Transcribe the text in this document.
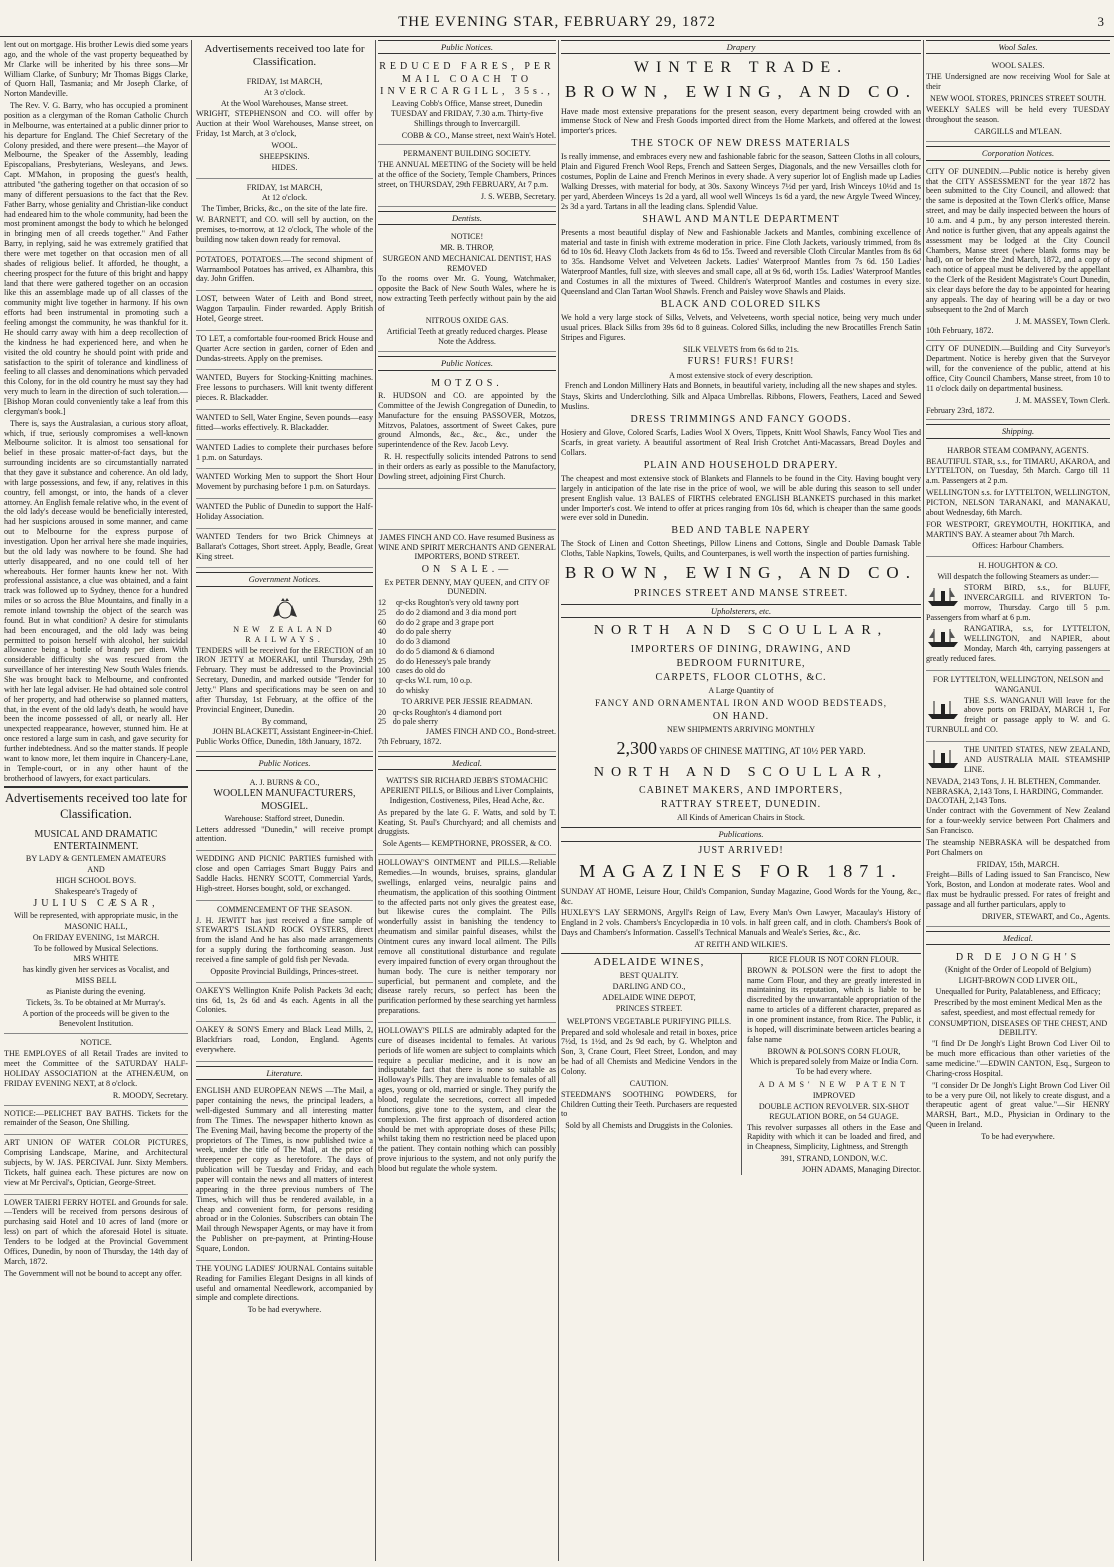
THE EVENING STAR, FEBRUARY 29, 1872	3

lent out on mortgage. His brother Lewis died some years ago, and the whole of the vast property bequeathed by Mr Clarke will be inherited by his three sons—Mr William Clarke, of Sunbury; Mr Thomas Biggs Clarke, of Quorn Hall, Tasmania; and Mr Joseph Clarke, of Norton Mandeville.

The Rev. V. G. Barry, who has occupied a prominent position as a clergyman of the Roman Catholic Church in Melbourne, was entertained at a public dinner prior to his departure for England. The Chief Secretary of the Colony presided, and there were present—the Mayor of Melbourne, the Speaker of the Assembly, leading Episcopalians, Presbyterians, Wesleyans, and Jews. Capt. M'Mahon, in proposing the guest's health, attributed "the gathering together on that occasion of so many of different persuasions to the fact that the Rev. Father Barry, whose geniality and Christian-like conduct had endeared him to the whole community, had been the most prominent amongst the body to which he belonged in bringing men of all creeds together." And Father Barry, in replying, said he was extremely gratified that there were met together on that occasion men of all shades of religious belief. It afforded, he thought, a cheering prospect for the future of this bright and happy land that there were gathered together on an occasion like this an assemblage made up of all classes of the community might live together in harmony. If his own efforts had been instrumental in promoting such a feeling amongst the community, he was thankful for it. He should carry away with him a deep recollection of the kindness he had experienced here, and when he visited the old country he should point with pride and satisfaction to the spirit of tolerance and kindliness of feeling to all classes and denominations which pervaded this Colony, for in the old country he must say they had very much to learn in the direction of such toleration.—[Bishop Moran could conveniently take a leaf from this clergyman's book.]

There is, says the Australasian, a curious story afloat, which, if true, seriously compromises a well-known Melbourne solicitor. It is almost too sensational for belief in these prosaic matter-of-fact days, but the surrounding incidents are so circumstantially narrated that they gave it substance and coherence. An old lady, with large possessions, and few, if any, relatives in this country, fell amongst, or into, the hands of a clever attorney. An English female relative who, in the event of the old lady's decease would be beneficially interested, had her suspicions aroused in some manner, and came out to Melbourne for the express purpose of investigation. Upon her arrival here she made inquiries, but the old lady was nowhere to be found. She had utterly disappeared, and no one could tell of her whereabouts. Her former haunts knew her not. With professional assistance, a clue was obtained, and a faint track was followed up to Sydney, thence for a hundred miles or so across the Blue Mountains, and finally in a remote inland township the object of the search was found. But in what condition? A desire for stimulants had been encouraged, and the old lady was being permitted to poison herself with alcohol, her suicidal allowance being a bottle of brandy per diem. With considerable difficulty she was rescued from the surveillance of her interesting New South Wales friends. She was brought back to Melbourne, and confronted with her late legal adviser. He had obtained sole control of her property, and had otherwise so planned matters, that, in the event of the old lady's death, he would have been the income possessed of all, or nearly all. Her unexpected reappearance, however, stunned him. He at once restored a large sum in cash, and gave security for further indebtedness. And so the matter stands. If people want to know more, let them inquire in Chancery-Lane, in Temple-court, or in any other haunt of the brotherhood of lawyers, for exact particulars.

Advertisements received too late for Classification.
MUSICAL AND DRAMATIC ENTERTAINMENT.
BY LADY & GENTLEMEN AMATEURS
AND
HIGH SCHOOL BOYS.
Shakespeare's Tragedy of
JULIUS CÆSAR,
Will be represented, with appropriate music, in the
MASONIC HALL,
On FRIDAY EVENING, 1st MARCH.
To be followed by Musical Selections.
MRS WHITE
has kindly given her services as Vocalist, and
MISS BELL
as Pianiste during the evening.
Tickets, 3s. To be obtained at Mr Murray's.
A portion of the proceeds will be given to the Benevolent Institution.
NOTICE.

THE EMPLOYES of all Retail Trades are invited to meet the Committee of the SATURDAY HALF-HOLIDAY ASSOCIATION at the ATHENÆUM, on FRIDAY EVENING NEXT, at 8 o'clock.

R. MOODY, Secretary.

NOTICE:—PELICHET BAY BATHS. Tickets for the remainder of the Season, One Shilling.

ART UNION OF WATER COLOR PICTURES, Comprising Landscape, Marine, and Architectural subjects, by W. JAS. PERCIVAL Junr. Sixty Members. Tickets, half guinea each. These pictures are now on view at Mr Percival's, Optician, George-Street.

LOWER TAIERI FERRY HOTEL and Grounds for sale.—Tenders will be received from persons desirous of purchasing said Hotel and 10 acres of land (more or less) on part of which the aforesaid Hotel is situate. Tenders to be lodged at the Provincial Government Offices, Dunedin, by noon of Thursday, the 14th day of March, 1872.

The Government will not be bound to accept any offer.

Advertisements received too late for Classification.
FRIDAY, 1st MARCH,
At 3 o'clock.
At the Wool Warehouses, Manse street.

WRIGHT, STEPHENSON and CO. will offer by Auction at their Wool Warehouses, Manse street, on Friday, 1st March, at 3 o'clock,

WOOL.
SHEEPSKINS.
HIDES.
FRIDAY, 1st MARCH,
At 12 o'clock.
The Timber, Bricks, &c., on the site of the late fire.

W. BARNETT, and CO. will sell by auction, on the premises, to-morrow, at 12 o'clock, The whole of the building now taken down ready for removal.

POTATOES, POTATOES.—The second shipment of Warrnambool Potatoes has arrived, ex Alhambra, this day. John Griffen.

LOST, between Water of Leith and Bond street, Waggon Tarpaulin. Finder rewarded. Apply British Hotel, George street.

TO LET, a comfortable four-roomed Brick House and Quarter Acre section in garden, corner of Eden and Dundas-streets. Apply on the premises.

WANTED, Buyers for Stocking-Knitting machines. Free lessons to purchasers. Will knit twenty different pieces. R. Blackadder.

WANTED to Sell, Water Engine, Seven pounds—easy fitted—works effectively. R. Blackadder.

WANTED Ladies to complete their purchases before 1 p.m. on Saturdays.

WANTED Working Men to support the Short Hour Movement by purchasing before 1 p.m. on Saturdays.

WANTED the Public of Dunedin to support the Half-Holiday Association.

WANTED Tenders for two Brick Chimneys at Ballarat's Cottages, Short street. Apply, Beadle, Great King street.

Government Notices.
NEW ZEALAND RAILWAYS.

TENDERS will be received for the ERECTION of an IRON JETTY at MOERAKI, until Thursday, 29th February. They must be addressed to the Provincial Secretary, Dunedin, and marked outside "Tender for Jetty." Plans and specifications may be seen on and after Thursday, 1st February, at the office of the Provincial Engineer, Dunedin.

By command,
JOHN BLACKETT, Assistant Engineer-in-Chief.
Public Works Office, Dunedin, 18th January, 1872.
Public Notices.
A. J. BURNS & CO.,
WOOLLEN MANUFACTURERS, MOSGIEL.
Warehouse: Stafford street, Dunedin.

Letters addressed "Dunedin," will receive prompt attention.

WEDDING AND PICNIC PARTIES furnished with close and open Carriages Smart Buggy Pairs and Saddle Hacks. HENRY SCOTT, Commercial Yards, High-street. Horses bought, sold, or exchanged.

COMMENCEMENT OF THE SEASON.

J. H. JEWITT has just received a fine sample of STEWART'S ISLAND ROCK OYSTERS, direct from the island And he has also made arrangements for a supply during the forthcoming season. Just received a fine sample of gold fish per Nevada.

Opposite Provincial Buildings, Princes-street.

OAKEY'S Wellington Knife Polish Packets 3d each; tins 6d, 1s, 2s 6d and 4s each. Agents in all the Colonies.

OAKEY & SON'S Emery and Black Lead Mills, 2, Blackfriars road, London, England. Agents everywhere.

Literature.

ENGLISH AND EUROPEAN NEWS —The Mail, a paper containing the news, the principal leaders, a well-digested Summary and all interesting matter from The Times. The newspaper hitherto known as The Evening Mail, having become the property of the proprietors of The Times, is now published twice a week, under the title of The Mail, at the price of threepence per copy as heretofore. The days of publication will be Tuesday and Friday, and each paper will contain the news and all matters of interest appearing in the three previous numbers of The Times, which will thus be rendered available, in a cheap and convenient form, for persons residing abroad or in the Colonies. Subscribers can obtain The Mail through Newspaper Agents, or may have it from the Publisher on pre-payment, at Printing-House Square, London.

THE YOUNG LADIES' JOURNAL Contains suitable Reading for Families Elegant Designs in all kinds of useful and ornamental Needlework, accompanied by simple and complete directions.

To be had everywhere.
Public Notices.
REDUCED FARES, PER MAIL COACH TO INVERCARGILL, 35s.,

Leaving Cobb's Office, Manse street, Dunedin TUESDAY and FRIDAY, 7.30 a.m. Thirty-five Shillings through to Invercargill.

COBB & CO., Manse street, next Wain's Hotel.
PERMANENT BUILDING SOCIETY.

THE ANNUAL MEETING of the Society will be held at the office of the Society, Temple Chambers, Princes street, on THURSDAY, 29th FEBRUARY, At 7 p.m.

J. S. WEBB, Secretary.
Dentists.
NOTICE!
MR. B. THROP,
SURGEON AND MECHANICAL DENTIST, HAS REMOVED

To the rooms over Mr. G. Young, Watchmaker, opposite the Back of New South Wales, where he is now extracting Teeth perfectly without pain by the aid of

NITROUS OXIDE GAS.
Artificial Teeth at greatly reduced charges. Please Note the Address.
Public Notices.
MOTZOS.

R. HUDSON and CO. are appointed by the Committee of the Jewish Congregation of Dunedin, to Manufacture for the ensuing PASSOVER, Motzos, Mitzvos, Palatoes, assortment of Sweet Cakes, pure ground Almonds, &c., &c., &c., under the superintendence of the Rev. Jacob Levy.

R. H. respectfully solicits intended Patrons to send in their orders as early as possible to the Manufactory, Dowling street, adjoining First Church.

JAMES FINCH AND CO. Have resumed Business as WINE AND SPIRIT MERCHANTS AND GENERAL IMPORTERS, BOND STREET.

ON SALE.—
Ex PETER DENNY, MAY QUEEN, and CITY OF DUNEDIN.
12	qr-cks Roughton's very old tawny port
25	do do 2 diamond and 3 dia mond port
60	do do 2 grape and 3 grape port
40	do do pale sherry
10	do do 3 diamond
10	do do 5 diamond & 6 diamond
25	do do Henessey's pale brandy
100	cases do old do
10	qr-cks W.I. rum, 10 o.p.
10	do whisky
TO ARRIVE PER JESSIE READMAN.
20	qr-cks Roughton's 4 diamond port
25	do pale sherry
JAMES FINCH AND CO., Bond-street.
7th February, 1872.
Medical.

WATTS'S SIR RICHARD JEBB'S STOMACHIC APERIENT PILLS, or Bilious and Liver Complaints, Indigestion, Costiveness, Piles, Head Ache, &c.

As prepared by the late G. F. Watts, and sold by T. Keating, St. Paul's Churchyard; and all chemists and druggists.

Sole Agents— KEMPTHORNE, PROSSER, & CO.

HOLLOWAY'S OINTMENT and PILLS.—Reliable Remedies.—In wounds, bruises, sprains, glandular swellings, enlarged veins, neuralgic pains and rheumatism, the application of this soothing Ointment to the affected parts not only gives the greatest ease, but likewise cures the complaint. The Pills wonderfully assist in banishing the tendency to rheumatism and similar painful diseases, whilst the Ointment cures any inward local ailment. The Pills remove all constitutional disturbance and regulate every impaired function of every organ throughout the human body. The cure is neither temporary nor superficial, but permanent and complete, and the disease rarely recurs, so perfect has been the purification performed by these searching yet harmless preparations.

HOLLOWAY'S PILLS are admirably adapted for the cure of diseases incidental to females. At various periods of life women are subject to complaints which require a peculiar medicine, and it is now an indisputable fact that there is none so suitable as Holloway's Pills. They are invaluable to females of all ages, young or old, married or single. They purify the blood, regulate the secretions, correct all impeded functions, give tone to the system, and clear the complexion. The first approach of disordered action should be met with appropriate doses of these Pills; whilst taking them no restriction need be placed upon the patient. They contain nothing which can possibly prove injurious to the system, and not only purify the blood but regulate the whole system.

Drapery
WINTER TRADE.
BROWN, EWING, AND CO.

Have made most extensive preparations for the present season, every department being crowded with an immense Stock of New and Fresh Goods imported direct from the Home Markets, and offered at the lowest importer's prices.

THE STOCK OF NEW DRESS MATERIALS

Is really immense, and embraces every new and fashionable fabric for the season, Satteen Cloths in all colours, Plain and Figured French Wool Reps, French and Satteen Serges, Diagonals, and the new Versailles cloth for costumes, Poplin de Laine and French Merinos in every shade. A very superior lot of English made up Ladies Walking Dresses, with material for body, at 30s. Saxony Winceys 7½d per yard, Irish Winceys 10½d and 1s per yard, Aberdeen Winceys 1s 2d a yard, all wool well Winceys 1s 6d a yard, the new Argyle Tweed Wincey, 2s 3d a yard. Tartans in all the leading clans. Splendid Value.

SHAWL AND MANTLE DEPARTMENT

Presents a most beautiful display of New and Fashionable Jackets and Mantles, combining excellence of material and taste in finish with extreme moderation in price. Fine Cloth Jackets, variously trimmed, from 8s 6d to 10s 6d. Heavy Cloth Jackets from 4s 6d to 15s. Tweed and reversible Cloth Circular Mantles from 8s 6d to 35s. Handsome Velvet and Velveteen Jackets. Ladies' Waterproof Mantles from 7s 6d. 150 Ladies' Waterproof Mantles, full size, with sleeves and small cape, all at 9s 6d, worth 15s. Ladies' Waterproof Mantles and Costumes in all the mixtures of Tweed. Children's Waterproof Mantles and costumes in every size. Queensland and Clan Tartan Wool Shawls. French and Paisley wove Shawls and Plaids.

BLACK AND COLORED SILKS

We hold a very large stock of Silks, Velvets, and Velveteens, worth special notice, being very much under usual prices. Black Silks from 39s 6d to 8 guineas. Colored Silks, including the new Brocatilles French Satin Stripes and Figures.

SILK VELVETS from 6s 6d to 21s.
FURS! FURS! FURS!
A most extensive stock of every description.
French and London Millinery Hats and Bonnets, in beautiful variety, including all the new shapes and styles.

Stays, Skirts and Underclothing. Silk and Alpaca Umbrellas. Ribbons, Flowers, Feathers, Laced and Sewed Muslins.

DRESS TRIMMINGS AND FANCY GOODS.

Hosiery and Glove, Colored Scarfs, Ladies Wool X Overs, Tippets, Knitt Wool Shawls, Fancy Wool Ties and Scarfs, in great variety. A beautiful assortment of Real Irish Crotchet Anti-Macassars, Bread Doyles and Collars.

PLAIN AND HOUSEHOLD DRAPERY.

The cheapest and most extensive stock of Blankets and Flannels to be found in the City. Having bought very largely in anticipation of the late rise in the price of wool, we will be able during this season to sell under present English value. 13 BALES of FIRTHS celebrated ENGLISH BLANKETS purchased in this market under Importer's cost. We intend to offer at prices ranging from 10s 6d, which is cheaper than the same goods were ever sold in Dunedin.

BED AND TABLE NAPERY

The Stock of Linen and Cotton Sheetings, Pillow Linens and Cottons, Single and Double Damask Table Cloths, Table Napkins, Towels, Quilts, and Counterpanes, is well worth the inspection of parties furnishing.

BROWN, EWING, AND CO.
PRINCES STREET AND MANSE STREET.
Upholsterers, etc.
NORTH AND SCOULLAR,
IMPORTERS OF DINING, DRAWING, AND
BEDROOM FURNITURE,
CARPETS, FLOOR CLOTHS, &C.
A Large Quantity of
FANCY AND ORNAMENTAL IRON AND WOOD BEDSTEADS,
ON HAND.
NEW SHIPMENTS ARRIVING MONTHLY
2,300 YARDS OF CHINESE MATTING, AT 10½ PER YARD.
NORTH AND SCOULLAR,
CABINET MAKERS, AND IMPORTERS,
RATTRAY STREET, DUNEDIN.
All Kinds of American Chairs in Stock.
Publications.
JUST ARRIVED!
MAGAZINES FOR 1871.

SUNDAY AT HOME, Leisure Hour, Child's Companion, Sunday Magazine, Good Words for the Young, &c., &c.

HUXLEY'S LAY SERMONS, Argyll's Reign of Law, Every Man's Own Lawyer, Macaulay's History of England in 2 vols. Chambers's Encyclopædia in 10 vols. in half green calf, and in cloth. Chambers's Book of Days and Chambers's Information. Cassell's Technical Manuals and Weale's Series, &c., &c.

AT REITH AND WILKIE'S.
ADELAIDE WINES,
BEST QUALITY.
DARLING AND CO.,
ADELAIDE WINE DEPOT,
PRINCES STREET.
WELPTON'S VEGETABLE PURIFYING PILLS.

Prepared and sold wholesale and retail in boxes, price 7½d, 1s 1½d, and 2s 9d each, by G. Whelpton and Son, 3, Crane Court, Fleet Street, London, and may be had of all Chemists and Medicine Vendors in the Colony.

CAUTION.

STEEDMAN'S SOOTHING POWDERS, for Children Cutting their Teeth. Purchasers are requested to

Sold by all Chemists and Druggists in the Colonies.
RICE FLOUR IS NOT CORN FLOUR.

BROWN & POLSON were the first to adopt the name Corn Flour, and they are greatly interested in maintaining its reputation, which is liable to be discredited by the unwarrantable appropriation of the name to articles of a different character, prepared as in one prominent instance, from Rice. The Public, it is hoped, will discriminate between articles bearing a false name

BROWN & POLSON'S CORN FLOUR,
Which is prepared solely from Maize or India Corn. To be had every where.
ADAMS' NEW PATENT
IMPROVED
DOUBLE ACTION REVOLVER. SIX-SHOT REGULATION BORE, on 54 GUAGE.

This revolver surpasses all others in the Ease and Rapidity with which it can be loaded and fired, and in Cheapness, Simplicity, Lightness, and Strength

391, STRAND, LONDON, W.C.
JOHN ADAMS, Managing Director.
Wool Sales.
WOOL SALES.

THE Undersigned are now receiving Wool for Sale at their

NEW WOOL STORES, PRINCES STREET SOUTH.

WEEKLY SALES will be held every TUESDAY throughout the season.

CARGILLS and M'LEAN.
Corporation Notices.

CITY OF DUNEDIN.—Public notice is hereby given that the CITY ASSESSMENT for the year 1872 has been submitted to the City Council, and allowed: that the same is deposited at the Town Clerk's office, Manse street, and may be daily inspected between the hours of 10 a.m. and 4 p.m., by any person interested therein. And notice is further given, that any appeals against the assessment may be lodged at the City Council Chambers, Manse street (where blank forms may be had), on or before the 2nd March, 1872, and a copy of each notice of appeal must be delivered by the appellant to the Clerk of the Resident Magistrate's Court Dunedin, six clear days before the day to be appointed for hearing any appeals. The day of hearing will be a day or two subsequent to the 2nd of March

J. M. MASSEY, Town Clerk.
10th February, 1872.

CITY OF DUNEDIN.—Building and City Surveyor's Department. Notice is hereby given that the Surveyor will, for the convenience of the public, attend at his office, City Council Chambers, Manse street, from 10 to 11 o'clock daily on departmental business.

J. M. MASSEY, Town Clerk.
February 23rd, 1872.
Shipping.
HARBOR STEAM COMPANY, AGENTS.

BEAUTIFUL STAR, s.s., for TIMARU, AKAROA, and LYTTELTON, on Tuesday, 5th March. Cargo till 11 a.m. Passengers at 2 p.m.

WELLINGTON s.s. for LYTTELTON, WELLINGTON, PICTON, NELSON TARANAKI, and MANAKAU, about Wednesday, 6th March.

FOR WESTPORT, GREYMOUTH, HOKITIKA, and MARTIN'S BAY. A steamer about 7th March.

Offices: Harbour Chambers.
H. HOUGHTON & CO.
Will despatch the following Steamers as under:—

STORM BIRD, s.s., for BLUFF, INVERCARGILL and RIVERTON To-morrow, Thursday. Cargo till 5 p.m. Passengers from wharf at 6 p.m.

RANGATIRA, s.s, for LYTTELTON, WELLINGTON, and NAPIER, about Monday, March 4th, carrying passengers at greatly reduced fares.

FOR LYTTELTON, WELLINGTON, NELSON and WANGANUI.

THE S.S. WANGANUI Will leave for the above ports on FRIDAY, MARCH 1, For freight or passage apply to W. and G. TURNBULL and CO.

THE UNITED STATES, NEW ZEALAND, AND AUSTRALIA MAIL STEAMSHIP LINE.

NEVADA, 2143 Tons, J. H. BLETHEN, Commander.
NEBRASKA, 2,143 Tons, I. HARDING, Commander.
DACOTAH, 2,143 Tons.

Under contract with the Government of New Zealand for a four-weekly service between Port Chalmers and San Francisco.

The steamship NEBRASKA will be despatched from Port Chalmers on

FRIDAY, 15th, MARCH.

Freight—Bills of Lading issued to San Francisco, New York, Boston, and London at moderate rates. Wool and flax must be hydraulic pressed. For rates of freight and passage and all further particulars, apply to

DRIVER, STEWART, and Co., Agents.
Medical.
DR DE JONGH'S
(Knight of the Order of Leopold of Belgium)
LIGHT-BROWN COD LIVER OIL,
Unequalled for Purity, Palatableness, and Efficacy;
Prescribed by the most eminent Medical Men as the safest, speediest, and most effectual remedy for
CONSUMPTION, DISEASES OF THE CHEST, AND DEBILITY.

"I find Dr De Jongh's Light Brown Cod Liver Oil to be much more efficacious than other varieties of the same medicine."—EDWIN CANTON, Esq., Surgeon to Charing-cross Hospital.

"I consider Dr De Jongh's Light Brown Cod Liver Oil to be a very pure Oil, not likely to create disgust, and a therapeutic agent of great value."—Sir HENRY MARSH, Bart., M.D., Physician in Ordinary to the Queen in Ireland.

To be had everywhere.
